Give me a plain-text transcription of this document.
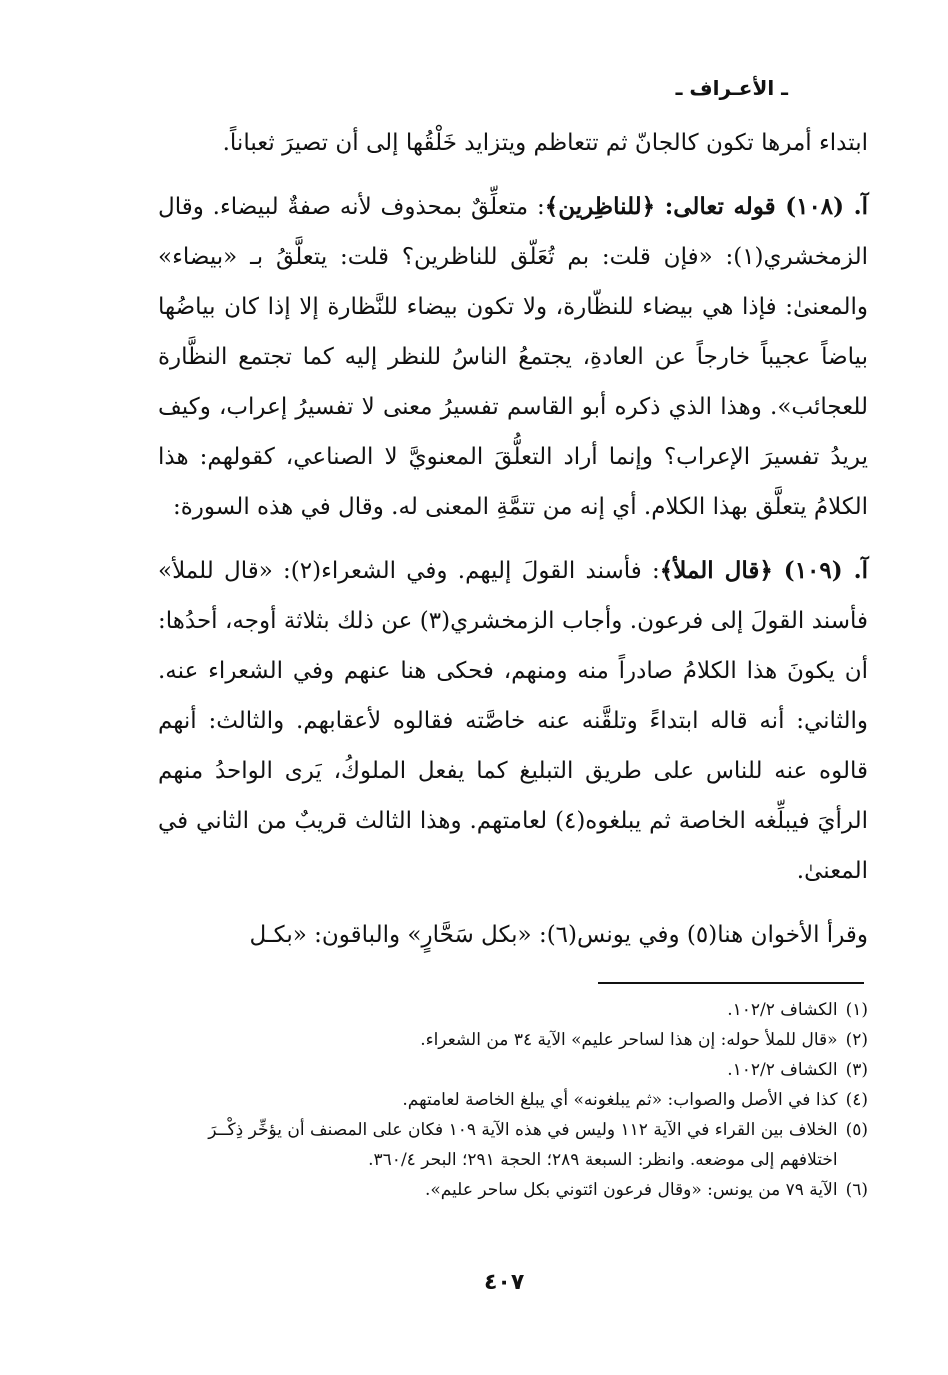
ـ الأعـراف ـ

ابتداء أمرها تكون كالجانّ ثم تتعاظم ويتزايد خَلْقُها إلى أن تصيرَ ثعباناً.

آ. (١٠٨) قوله تعالى: ﴿للناظِرين﴾: متعلِّقٌ بمحذوف لأنه صفةٌ لبيضاء. وقال الزمخشري(١): «فإن قلت: بم تُعَلّق للناظرين؟ قلت: يتعلَّقُ بـ «بيضاء» والمعنىٰ: فإذا هي بيضاء للنظّارة، ولا تكون بيضاء للنَّظارة إلا إذا كان بياضُها بياضاً عجيباً خارجاً عن العادةِ، يجتمعُ الناسُ للنظر إليه كما تجتمع النظَّارة للعجائب». وهذا الذي ذكره أبو القاسم تفسيرُ معنى لا تفسيرُ إعراب، وكيف يريدُ تفسيرَ الإعراب؟ وإنما أراد التعلُّقَ المعنويَّ لا الصناعي، كقولهم: هذا الكلامُ يتعلَّق بهذا الكلام. أي إنه من تتمَّةِ المعنى له. وقال في هذه السورة:

آ. (١٠٩) ﴿قال الملأ﴾: فأسند القولَ إليهم. وفي الشعراء(٢): «قال للملأ» فأسند القولَ إلى فرعون. وأجاب الزمخشري(٣) عن ذلك بثلاثة أوجه، أحدُها: أن يكونَ هذا الكلامُ صادراً منه ومنهم، فحكى هنا عنهم وفي الشعراء عنه. والثاني: أنه قاله ابتداءً وتلقَّنه عنه خاصَّته فقالوه لأعقابهم. والثالث: أنهم قالوه عنه للناس على طريق التبليغ كما يفعل الملوكُ، يَرى الواحدُ منهم الرأيَ فيبلِّغه الخاصة ثم يبلغوه(٤) لعامتهم. وهذا الثالث قريبٌ من الثاني في المعنىٰ.

وقرأ الأخوان هنا(٥) وفي يونس(٦): «بكل سَحَّارٍ» والباقون: «بكـل

(١)
الكشاف ١٠٢/٢.
(٢)
«قال للملأ حوله: إن هذا لساحر عليم» الآية ٣٤ من الشعراء.
(٣)
الكشاف ١٠٢/٢.
(٤)
كذا في الأصل والصواب: «ثم يبلغونه» أي يبلغ الخاصة لعامتهم.
(٥)
الخلاف بين القراء في الآية ١١٢ وليس في هذه الآية ١٠٩ فكان على المصنف أن يؤخِّر ذِكْــرَ اختلافهم إلى موضعه. وانظر: السبعة ٢٨٩؛ الحجة ٢٩١؛ البحر ٣٦٠/٤.
(٦)
الآية ٧٩ من يونس: «وقال فرعون ائتوني بكل ساحر عليم».
٤٠٧
